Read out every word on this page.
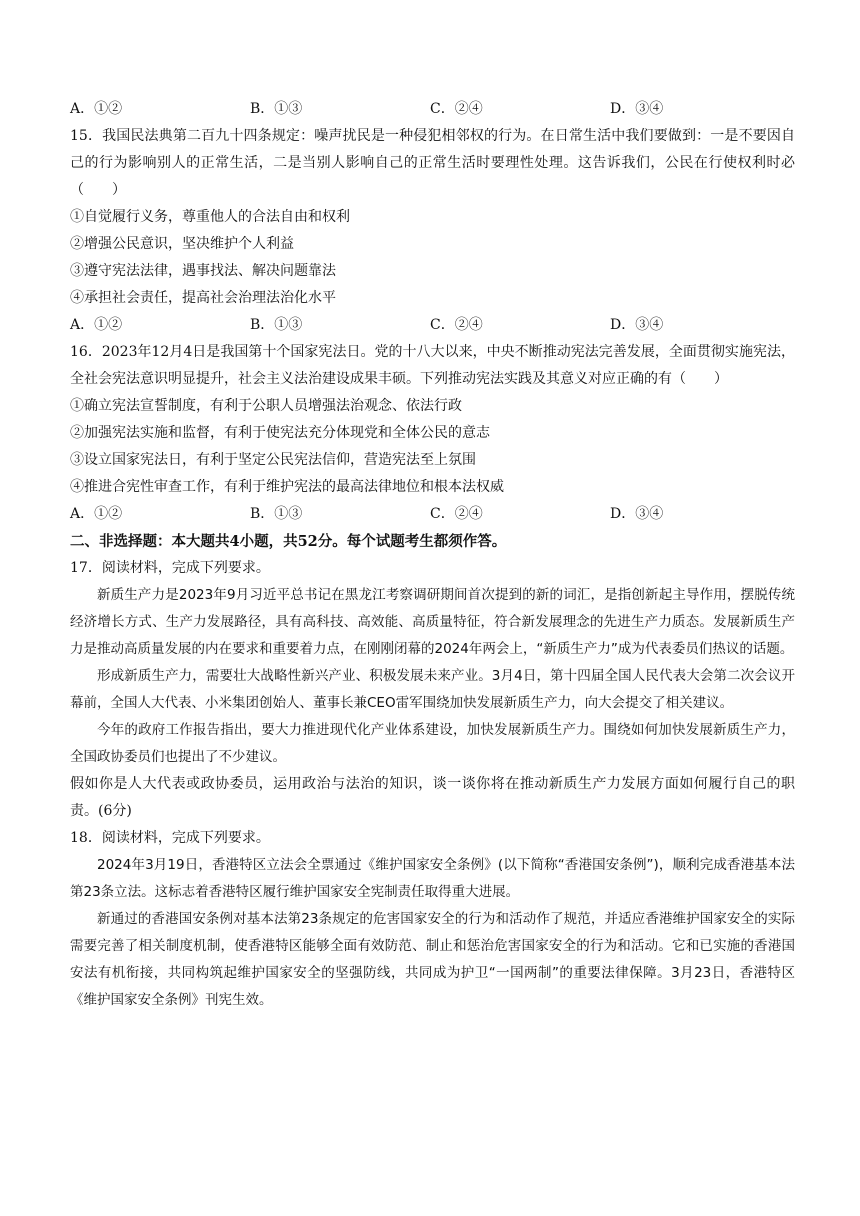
A．①②	B．①③	C．②④	D．③④
15．我国民法典第二百九十四条规定：噪声扰民是一种侵犯相邻权的行为。在日常生活中我们要做到：一是不要因自己的行为影响别人的正常生活，二是当别人影响自己的正常生活时要理性处理。这告诉我们，公民在行使权利时必（　　）
①自觉履行义务，尊重他人的合法自由和权利
②增强公民意识，坚决维护个人利益
③遵守宪法法律，遇事找法、解决问题靠法
④承担社会责任，提高社会治理法治化水平
A．①②	B．①③	C．②④	D．③④
16．2023年12月4日是我国第十个国家宪法日。党的十八大以来，中央不断推动宪法完善发展，全面贯彻实施宪法，全社会宪法意识明显提升，社会主义法治建设成果丰硕。下列推动宪法实践及其意义对应正确的有（　　）
①确立宪法宣誓制度，有利于公职人员增强法治观念、依法行政
②加强宪法实施和监督，有利于使宪法充分体现党和全体公民的意志
③设立国家宪法日，有利于坚定公民宪法信仰，营造宪法至上氛围
④推进合宪性审查工作，有利于维护宪法的最高法律地位和根本法权威
A．①②	B．①③	C．②④	D．③④
二、非选择题：本大题共4小题，共52分。每个试题考生都须作答。
17．阅读材料，完成下列要求。
新质生产力是2023年9月习近平总书记在黑龙江考察调研期间首次提到的新的词汇，是指创新起主导作用，摆脱传统经济增长方式、生产力发展路径，具有高科技、高效能、高质量特征，符合新发展理念的先进生产力质态。发展新质生产力是推动高质量发展的内在要求和重要着力点，在刚刚闭幕的2024年两会上，“新质生产力”成为代表委员们热议的话题。
形成新质生产力，需要壮大战略性新兴产业、积极发展未来产业。3月4日，第十四届全国人民代表大会第二次会议开幕前，全国人大代表、小米集团创始人、董事长兼CEO雷军围绕加快发展新质生产力，向大会提交了相关建议。
今年的政府工作报告指出，要大力推进现代化产业体系建设，加快发展新质生产力。围绕如何加快发展新质生产力，全国政协委员们也提出了不少建议。
假如你是人大代表或政协委员，运用政治与法治的知识，谈一谈你将在推动新质生产力发展方面如何履行自己的职责。(6分)
18．阅读材料，完成下列要求。
2024年3月19日，香港特区立法会全票通过《维护国家安全条例》(以下简称“香港国安条例”)，顺利完成香港基本法第23条立法。这标志着香港特区履行维护国家安全宪制责任取得重大进展。
新通过的香港国安条例对基本法第23条规定的危害国家安全的行为和活动作了规范，并适应香港维护国家安全的实际需要完善了相关制度机制，使香港特区能够全面有效防范、制止和惩治危害国家安全的行为和活动。它和已实施的香港国安法有机衔接，共同构筑起维护国家安全的坚强防线，共同成为护卫“一国两制”的重要法律保障。3月23日，香港特区《维护国家安全条例》刊宪生效。
